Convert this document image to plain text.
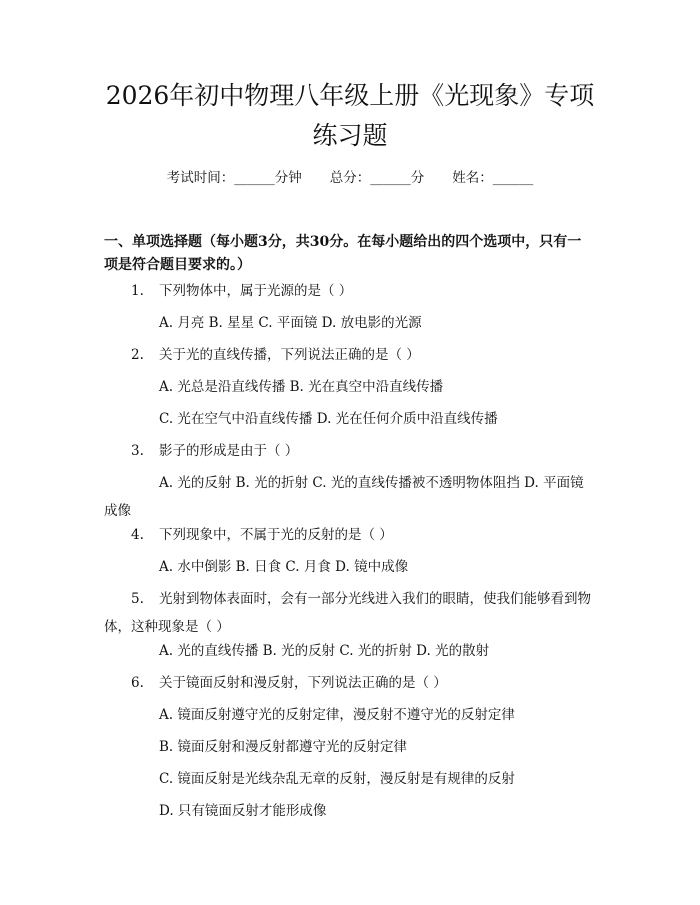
2026年初中物理八年级上册《光现象》专项
练习题
考试时间：______分钟 总分：______分 姓名：______
一、单项选择题（每小题3分，共30分。在每小题给出的四个选项中，只有一项是符合题目要求的。）

1. 下列物体中，属于光源的是（ ）

A. 月亮 B. 星星 C. 平面镜 D. 放电影的光源

2. 关于光的直线传播，下列说法正确的是（ ）

A. 光总是沿直线传播 B. 光在真空中沿直线传播

C. 光在空气中沿直线传播 D. 光在任何介质中沿直线传播

3. 影子的形成是由于（ ）

A. 光的反射 B. 光的折射 C. 光的直线传播被不透明物体阻挡 D. 平面镜成像

4. 下列现象中，不属于光的反射的是（ ）

A. 水中倒影 B. 日食 C. 月食 D. 镜中成像

5. 光射到物体表面时，会有一部分光线进入我们的眼睛，使我们能够看到物体，这种现象是（ ）

A. 光的直线传播 B. 光的反射 C. 光的折射 D. 光的散射

6. 关于镜面反射和漫反射，下列说法正确的是（ ）

A. 镜面反射遵守光的反射定律，漫反射不遵守光的反射定律

B. 镜面反射和漫反射都遵守光的反射定律

C. 镜面反射是光线杂乱无章的反射，漫反射是有规律的反射

D. 只有镜面反射才能形成像
